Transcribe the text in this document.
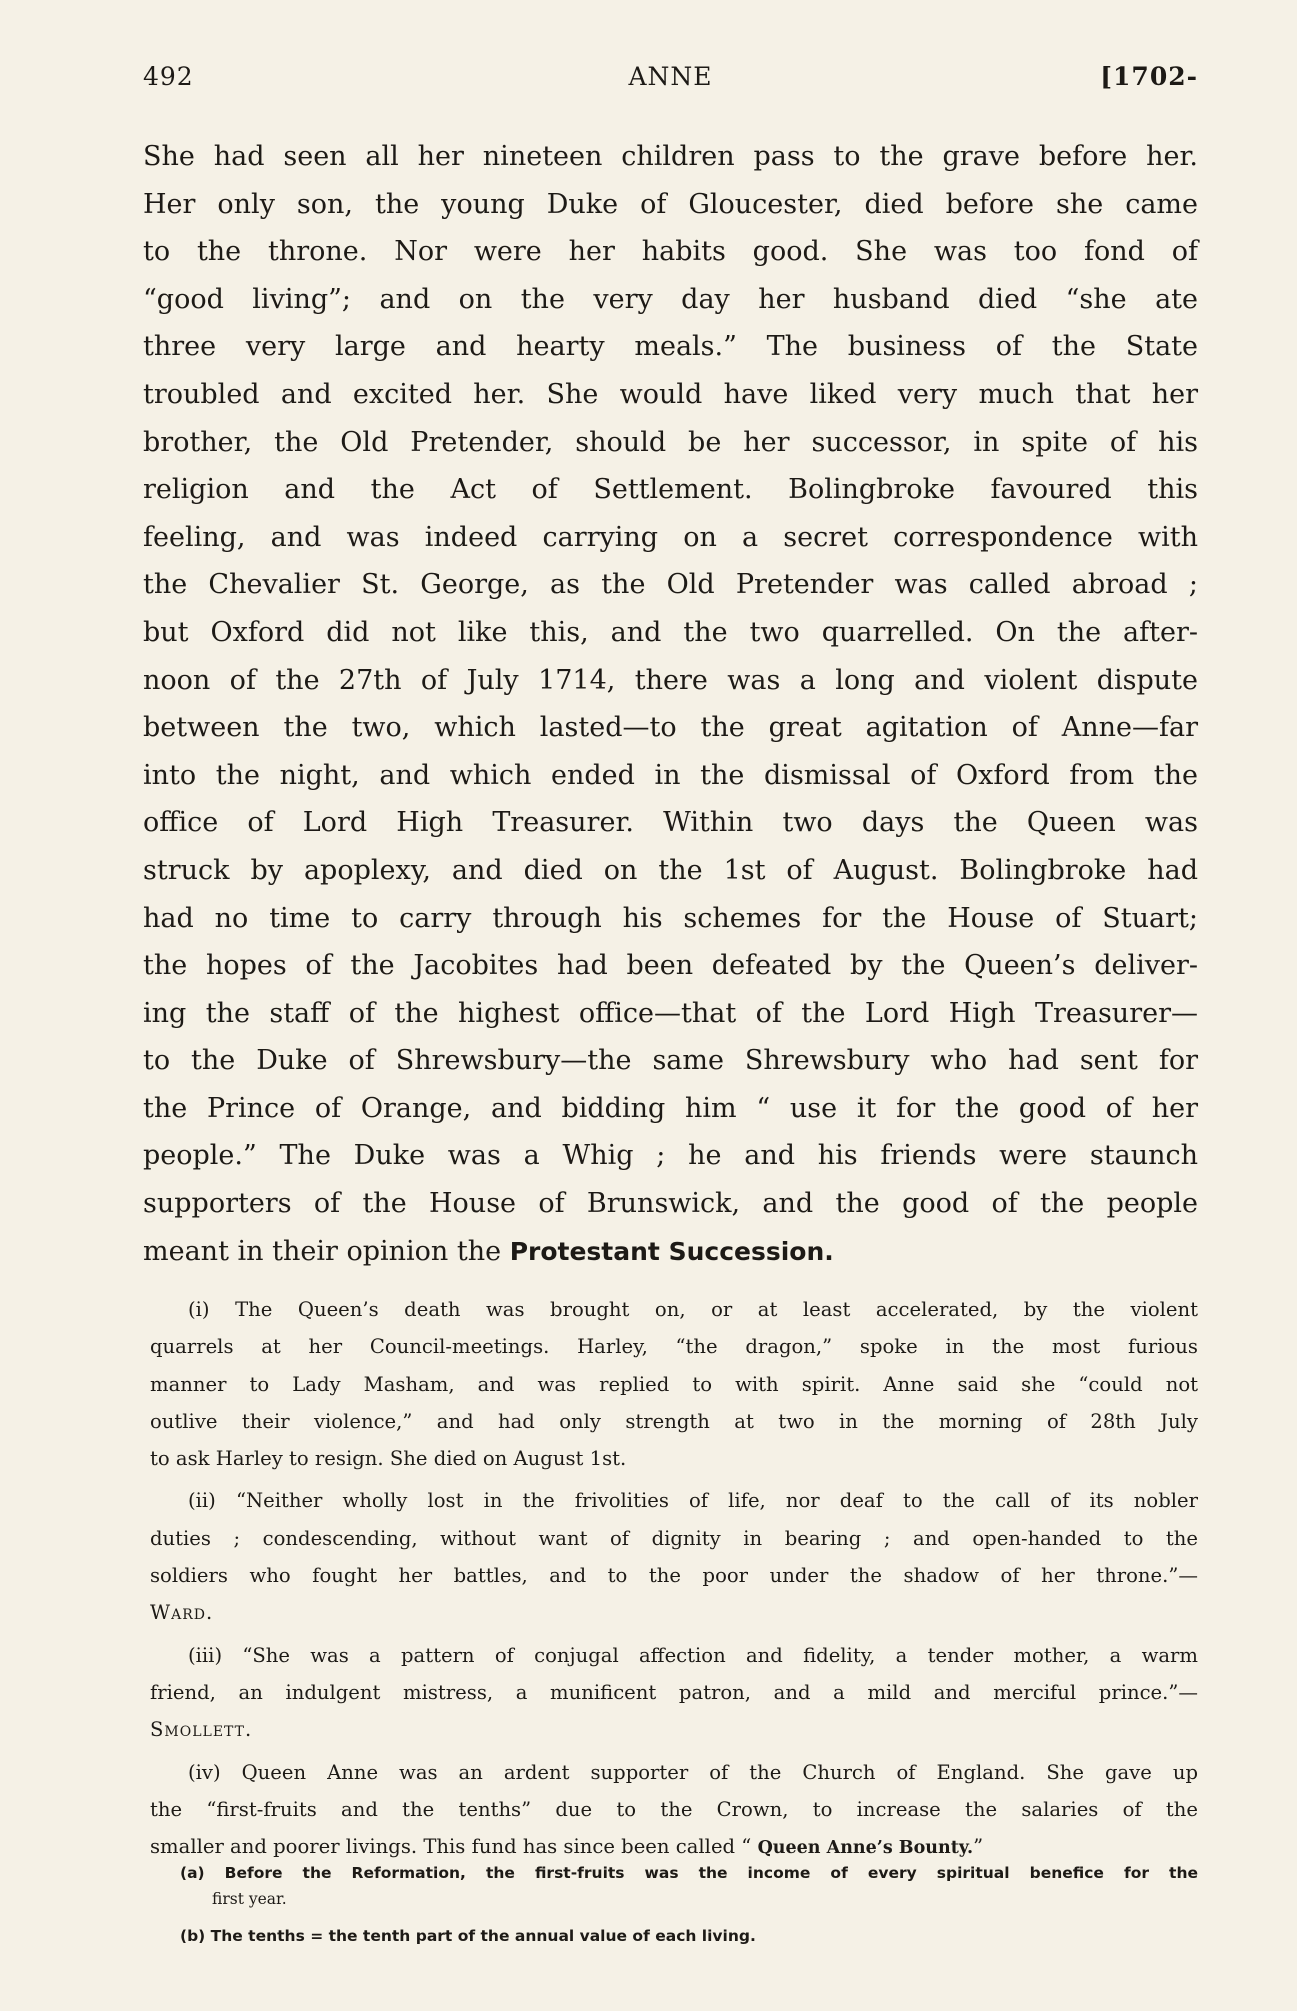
492	ANNE	[1702-
She had seen all her nineteen children pass to the grave before her.
Her only son, the young Duke of Gloucester, died before she came
to the throne. Nor were her habits good. She was too fond of
“good living”; and on the very day her husband died “she ate
three very large and hearty meals.” The business of the State
troubled and excited her. She would have liked very much that her
brother, the Old Pretender, should be her successor, in spite of his
religion and the Act of Settlement. Bolingbroke favoured this
feeling, and was indeed carrying on a secret correspondence with
the Chevalier St. George, as the Old Pretender was called abroad ;
but Oxford did not like this, and the two quarrelled. On the after-
noon of the 27th of July 1714, there was a long and violent dispute
between the two, which lasted—to the great agitation of Anne—far
into the night, and which ended in the dismissal of Oxford from the
office of Lord High Treasurer. Within two days the Queen was
struck by apoplexy, and died on the 1st of August. Bolingbroke had
had no time to carry through his schemes for the House of Stuart;
the hopes of the Jacobites had been defeated by the Queen’s deliver-
ing the staff of the highest office—that of the Lord High Treasurer—
to the Duke of Shrewsbury—the same Shrewsbury who had sent for
the Prince of Orange, and bidding him “ use it for the good of her
people.” The Duke was a Whig ; he and his friends were staunch
supporters of the House of Brunswick, and the good of the people
meant in their opinion the Protestant Succession.
(i) The Queen’s death was brought on, or at least accelerated, by the violent
quarrels at her Council-meetings. Harley, “the dragon,” spoke in the most furious
manner to Lady Masham, and was replied to with spirit. Anne said she “could not
outlive their violence,” and had only strength at two in the morning of 28th July
to ask Harley to resign. She died on August 1st.
(ii) “Neither wholly lost in the frivolities of life, nor deaf to the call of its nobler
duties ; condescending, without want of dignity in bearing ; and open-handed to the
soldiers who fought her battles, and to the poor under the shadow of her throne.”—
Ward.
(iii) “She was a pattern of conjugal affection and fidelity, a tender mother, a warm
friend, an indulgent mistress, a munificent patron, and a mild and merciful prince.”—
Smollett.
(iv) Queen Anne was an ardent supporter of the Church of England. She gave up
the “first-fruits and the tenths” due to the Crown, to increase the salaries of the
smaller and poorer livings. This fund has since been called “ Queen Anne’s Bounty.”
(a) Before the Reformation, the first-fruits was the income of every spiritual benefice for the
first year.
(b) The tenths = the tenth part of the annual value of each living.
